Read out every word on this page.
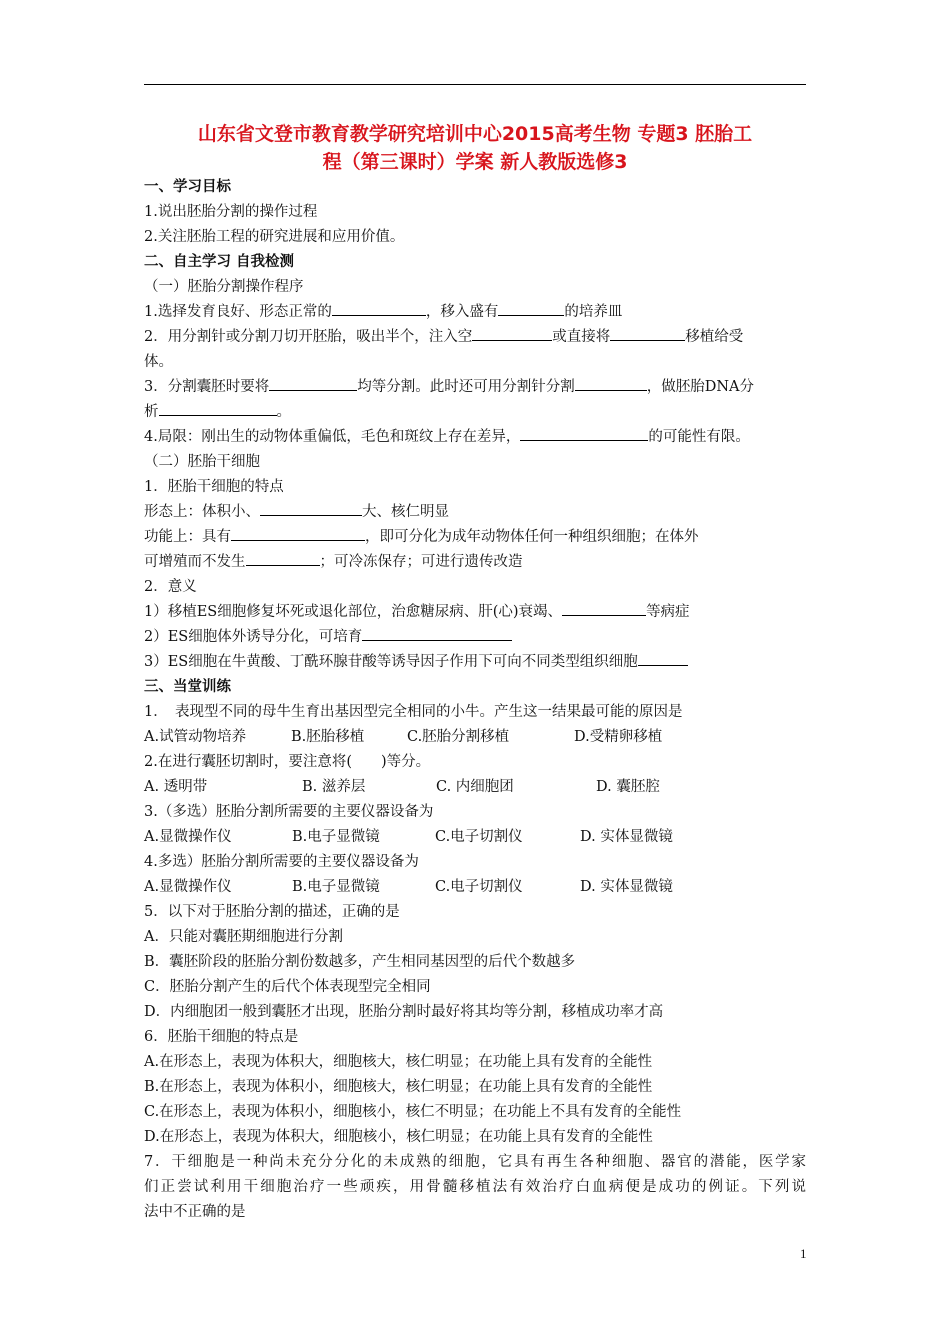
山东省文登市教育教学研究培训中心2015高考生物 专题3 胚胎工
程（第三课时）学案 新人教版选修3
一、学习目标
1.说出胚胎分割的操作过程
2.关注胚胎工程的研究进展和应用价值。
二、自主学习 自我检测
（一）胚胎分割操作程序
1.选择发育良好、形态正常的	，移入盛有	的培养皿
2．用分割针或分割刀切开胚胎，吸出半个，注入空	或直接将	移植给受
体。
3．分割囊胚时要将	均等分割。此时还可用分割针分割	，做胚胎DNA分
析	。
4.局限：刚出生的动物体重偏低，毛色和斑纹上存在差异，	的可能性有限。
（二）胚胎干细胞
1．胚胎干细胞的特点
形态上：体积小、	大、核仁明显
功能上：具有	，即可分化为成年动物体任何一种组织细胞；在体外
可增殖而不发生	；可冷冻保存；可进行遗传改造
2．意义
1）移植ES细胞修复坏死或退化部位，治愈糖尿病、肝(心)衰竭、	等病症
2）ES细胞体外诱导分化，可培育
3）ES细胞在牛黄酸、丁酰环腺苷酸等诱导因子作用下可向不同类型组织细胞
三、当堂训练
1．　表现型不同的母牛生育出基因型完全相同的小牛。产生这一结果最可能的原因是
A.试管动物培养	B.胚胎移植	C.胚胎分割移植	D.受精卵移植
2.在进行囊胚切割时，要注意将(　　)等分。
A. 透明带	B. 滋养层	C. 内细胞团	D. 囊胚腔
3.（多选）胚胎分割所需要的主要仪器设备为
A.显微操作仪	B.电子显微镜	C.电子切割仪	D. 实体显微镜
4.多选）胚胎分割所需要的主要仪器设备为
A.显微操作仪	B.电子显微镜	C.电子切割仪	D. 实体显微镜
5．以下对于胚胎分割的描述，正确的是
A．只能对囊胚期细胞进行分割
B．囊胚阶段的胚胎分割份数越多，产生相同基因型的后代个数越多
C．胚胎分割产生的后代个体表现型完全相同
D．内细胞团一般到囊胚才出现，胚胎分割时最好将其均等分割，移植成功率才高
6．胚胎干细胞的特点是
A.在形态上，表现为体积大，细胞核大，核仁明显；在功能上具有发育的全能性
B.在形态上，表现为体积小，细胞核大，核仁明显；在功能上具有发育的全能性
C.在形态上，表现为体积小，细胞核小，核仁不明显；在功能上不具有发育的全能性
D.在形态上，表现为体积大，细胞核小，核仁明显；在功能上具有发育的全能性
7．干细胞是一种尚未充分分化的未成熟的细胞，它具有再生各种细胞、器官的潜能，医学家
们正尝试利用干细胞治疗一些顽疾，用骨髓移植法有效治疗白血病便是成功的例证。下列说
法中不正确的是
1
